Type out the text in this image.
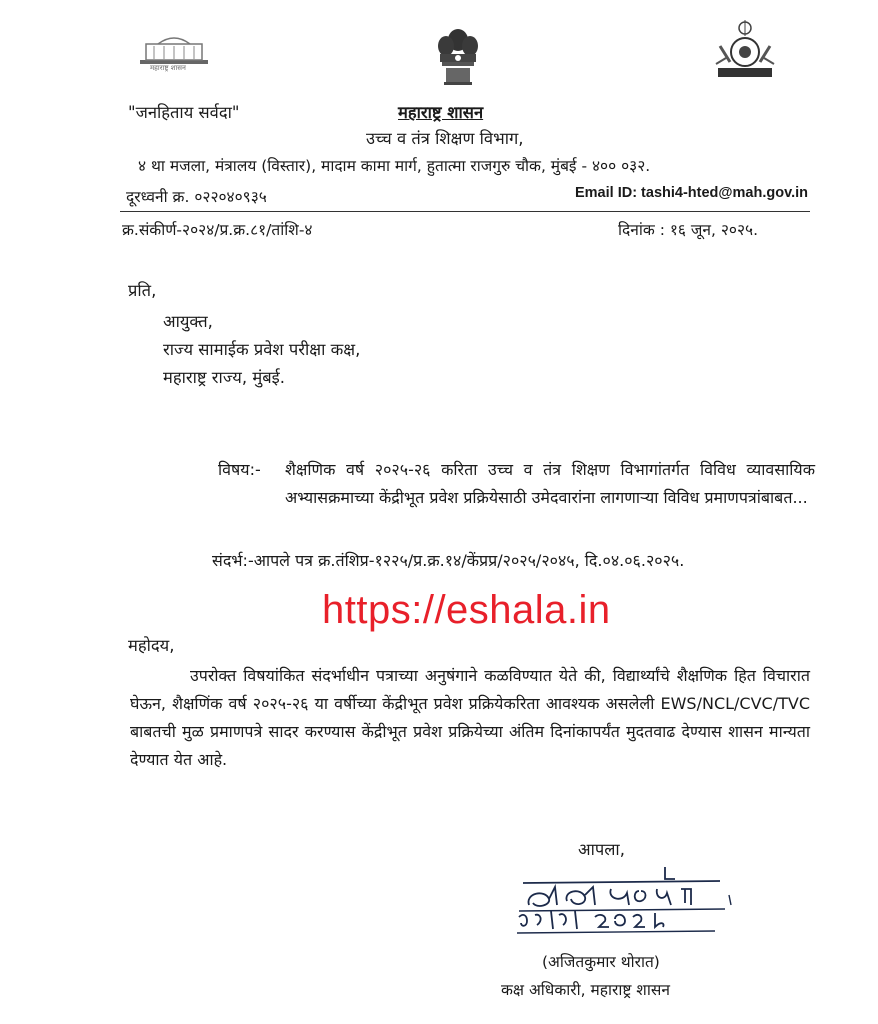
महाराष्ट्र शासन
"जनहिताय सर्वदा"	महाराष्ट्र शासन
उच्च व तंत्र शिक्षण विभाग,
४ था मजला, मंत्रालय (विस्तार), मादाम कामा मार्ग, हुतात्मा राजगुरु चौक, मुंबई - ४०० ०३२.
दूरध्वनी क्र. ०२२०४०९३५	Email ID: tashi4-hted@mah.gov.in
क्र.संकीर्ण-२०२४/प्र.क्र.८१/तांशि-४	दिनांक : १६ जून, २०२५.
प्रति,
आयुक्त,
राज्य सामाईक प्रवेश परीक्षा कक्ष,
महाराष्ट्र राज्य, मुंबई.
विषय:- शैक्षणिक वर्ष २०२५-२६ करिता उच्च व तंत्र शिक्षण विभागांतर्गत विविध व्यावसायिक अभ्यासक्रमाच्या केंद्रीभूत प्रवेश प्रक्रियेसाठी उमेदवारांना लागणाऱ्या विविध प्रमाणपत्रांबाबत...
संदर्भ:-आपले पत्र क्र.तंशिप्र-१२२५/प्र.क्र.१४/केंप्रप्र/२०२५/२०४५, दि.०४.०६.२०२५.
https://eshala.in
महोदय,
उपरोक्त विषयांकित संदर्भाधीन पत्राच्या अनुषंगाने कळविण्यात येते की, विद्यार्थ्यांचे शैक्षणिक हित विचारात घेऊन, शैक्षणिंक वर्ष २०२५-२६ या वर्षीच्या केंद्रीभूत प्रवेश प्रक्रियेकरिता आवश्यक असलेली EWS/NCL/CVC/TVC बाबतची मुळ प्रमाणपत्रे सादर करण्यास केंद्रीभूत प्रवेश प्रक्रियेच्या अंतिम दिनांकापर्यंत मुदतवाढ देण्यास शासन मान्यता देण्यात येत आहे.
आपला,
(अजितकुमार थोरात)
कक्ष अधिकारी, महाराष्ट्र शासन
